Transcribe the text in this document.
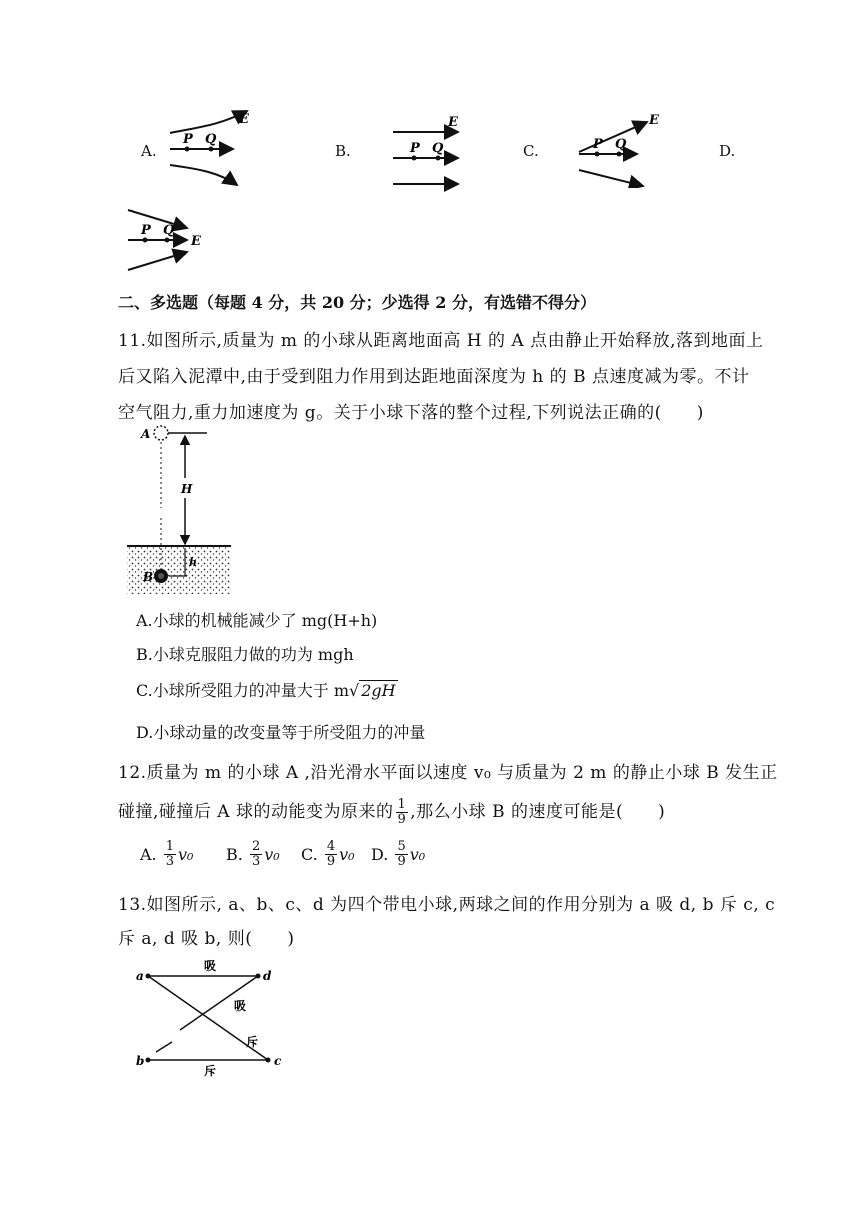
A.
P Q
E
B.	P Q
E
C.	P Q
E
D.
P Q
E
二、多选题（每题 4 分，共 20 分；少选得 2 分，有选错不得分）
11.如图所示,质量为 m 的小球从距离地面高 H 的 A 点由静止开始释放,落到地面上
后又陷入泥潭中,由于受到阻力作用到达距地面深度为 h 的 B 点速度减为零。不计
空气阻力,重力加速度为 g。关于小球下落的整个过程,下列说法正确的(　　)
A
H
h
B
A.小球的机械能减少了 mg(H+h)
B.小球克服阻力做的功为 mgh
C.小球所受阻力的冲量大于 m√ 2gH
D.小球动量的改变量等于所受阻力的冲量
12.质量为 m 的小球 A ,沿光滑水平面以速度 v₀ 与质量为 2 m 的静止小球 B 发生正
碰撞,碰撞后 A 球的动能变为原来的 $\frac{1}{9}$ ,那么小球 B 的速度可能是(　　)
A.
$\frac{1}{3} v_0$ B.
$\frac{2}{3} v_0$ C.
$\frac{4}{9} v_0$ D.
$\frac{5}{9} v_0$
13.如图所示, a、b、c、d 为四个带电小球,两球之间的作用分别为 a 吸 d, b 斥 c, c
斥 a, d 吸 b, 则(　　)
a	d
b	c
吸
吸
斥
斥
